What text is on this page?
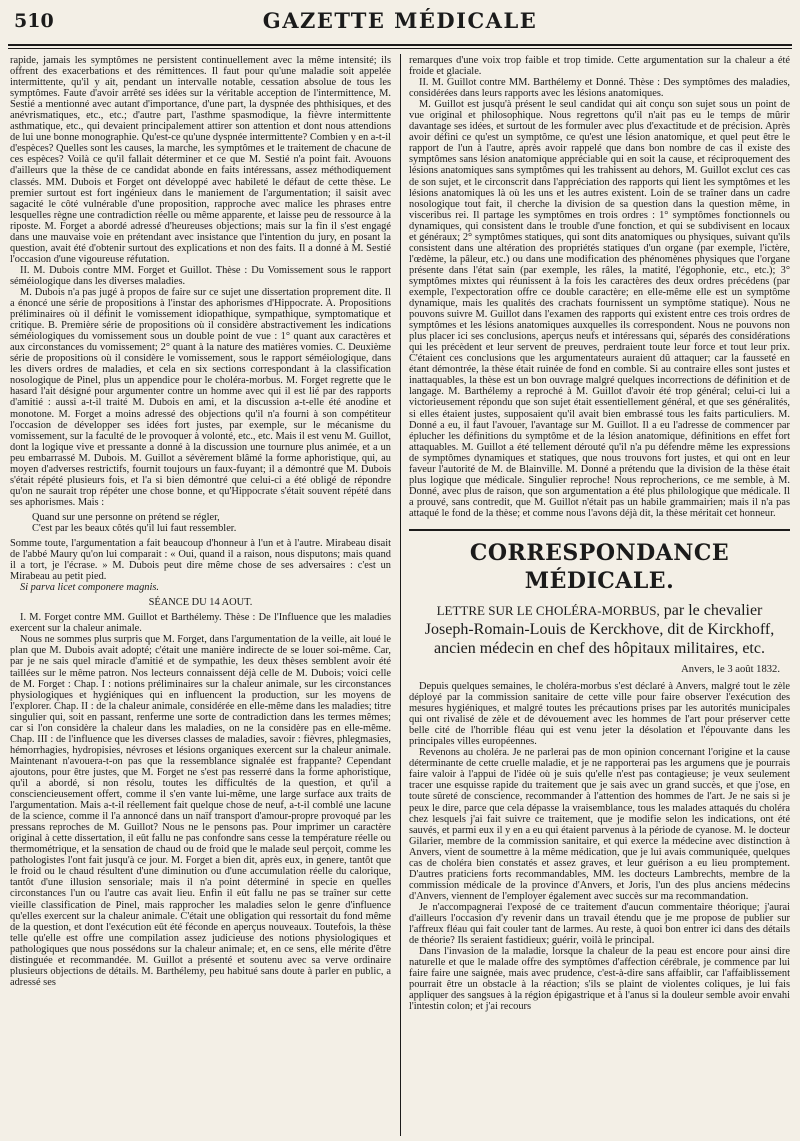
510	GAZETTE MÉDICALE

rapide, jamais les symptômes ne persistent continuellement avec la même intensité; ils offrent des exacerbations et des rémittences. Il faut pour qu'une maladie soit appelée intermittente, qu'il y ait, pendant un intervalle notable, cessation absolue de tous les symptômes. Faute d'avoir arrêté ses idées sur la véritable acception de l'intermittence, M. Sestié a mentionné avec autant d'importance, d'une part, la dyspnée des phthisiques, et des anévrismatiques, etc., etc.; d'autre part, l'asthme spasmodique, la fièvre intermittente asthmatique, etc., qui devaient principalement attirer son attention et dont nous attendions de lui une bonne monographie. Qu'est-ce qu'une dyspnée intermittente? Combien y en a-t-il d'espèces? Quelles sont les causes, la marche, les symptômes et le traitement de chacune de ces espèces? Voilà ce qu'il fallait déterminer et ce que M. Sestié n'a point fait. Avouons d'ailleurs que la thèse de ce candidat abonde en faits intéressans, assez méthodiquement classés. MM. Dubois et Forget ont développé avec habileté le défaut de cette thèse. Le premier surtout est fort ingénieux dans le maniement de l'argumentation; il saisit avec sagacité le côté vulnérable d'une proposition, rapproche avec malice les phrases entre lesquelles règne une contradiction réelle ou même apparente, et laisse peu de ressource à la riposte. M. Forget a abordé adressé d'heureuses objections; mais sur la fin il s'est engagé dans une mauvaise voie en prétendant avec insistance que l'intention du jury, en posant la question, avait été d'obtenir surtout des explications et non des faits. Il a donné à M. Sestié l'occasion d'une vigoureuse réfutation.

II. M. Dubois contre MM. Forget et Guillot. Thèse : Du Vomissement sous le rapport séméiologique dans les diverses maladies.

M. Dubois n'a pas jugé à propos de faire sur ce sujet une dissertation proprement dite. Il a énoncé une série de propositions à l'instar des aphorismes d'Hippocrate. A. Propositions préliminaires où il définit le vomissement idiopathique, sympathique, symptomatique et critique. B. Première série de propositions où il considère abstractivement les indications séméiologiques du vomissement sous un double point de vue : 1° quant aux caractères et aux circonstances du vomissement; 2° quant à la nature des matières vomies. C. Deuxième série de propositions où il considère le vomissement, sous le rapport séméiologique, dans les divers ordres de maladies, et cela en six sections correspondant à la classification nosologique de Pinel, plus un appendice pour le choléra-morbus. M. Forget regrette que le hasard l'ait désigné pour argumenter contre un homme avec qui il est lié par des rapports d'amitié : aussi a-t-il traité M. Dubois en ami, et la discussion a-t-elle été anodine et monotone. M. Forget a moins adressé des objections qu'il n'a fourni à son compétiteur l'occasion de développer ses idées fort justes, par exemple, sur le mécanisme du vomissement, sur la faculté de le provoquer à volonté, etc., etc. Mais il est venu M. Guillot, dont la logique vive et pressante a donné à la discussion une tournure plus animée, et a un peu embarrassé M. Dubois. M. Guillot a sévèrement blâmé la forme aphoristique, qui, au moyen d'adverses restrictifs, fournit toujours un faux-fuyant; il a démontré que M. Dubois s'était répété plusieurs fois, et l'a si bien démontré que celui-ci a été obligé de répondre qu'on ne saurait trop répéter une chose bonne, et qu'Hippocrate s'était souvent répété dans ses aphorismes. Mais :

Quand sur une personne on prétend se régler,

C'est par les beaux côtés qu'il lui faut ressembler.

Somme toute, l'argumentation a fait beaucoup d'honneur à l'un et à l'autre. Mirabeau disait de l'abbé Maury qu'on lui comparait : « Oui, quand il a raison, nous disputons; mais quand il a tort, je l'écrase. » M. Dubois peut dire même chose de ses adversaires : c'est un Mirabeau au petit pied.

Si parva licet componere magnis.

SÉANCE DU 14 AOUT.

I. M. Forget contre MM. Guillot et Barthélemy. Thèse : De l'Influence que les maladies exercent sur la chaleur animale.

Nous ne sommes plus surpris que M. Forget, dans l'argumentation de la veille, ait loué le plan que M. Dubois avait adopté; c'était une manière indirecte de se louer soi-même. Car, par je ne sais quel miracle d'amitié et de sympathie, les deux thèses semblent avoir été taillées sur le même patron. Nos lecteurs connaissent déjà celle de M. Dubois; voici celle de M. Forget : Chap. I : notions préliminaires sur la chaleur animale, sur les circonstances physiologiques et hygiéniques qui en influencent la production, sur les moyens de l'explorer. Chap. II : de la chaleur animale, considérée en elle-même dans les maladies; titre singulier qui, soit en passant, renferme une sorte de contradiction dans les termes mêmes; car si l'on considère la chaleur dans les maladies, on ne la considère pas en elle-même. Chap. III : de l'influence que les diverses classes de maladies, savoir : fièvres, phlegmasies, hémorrhagies, hydropisies, névroses et lésions organiques exercent sur la chaleur animale. Maintenant n'avouera-t-on pas que la ressemblance signalée est frappante? Cependant ajoutons, pour être justes, que M. Forget ne s'est pas resserré dans la forme aphoristique, qu'il a abordé, si non résolu, toutes les difficultés de la question, et qu'il a consciencieusement offert, comme il s'en vante lui-même, une large surface aux traits de l'argumentation. Mais a-t-il réellement fait quelque chose de neuf, a-t-il comblé une lacune de la science, comme il l'a annoncé dans un naïf transport d'amour-propre provoqué par les pressans reproches de M. Guillot? Nous ne le pensons pas. Pour imprimer un caractère original à cette dissertation, il eût fallu ne pas confondre sans cesse la température réelle ou thermométrique, et la sensation de chaud ou de froid que le malade seul perçoit, comme les pathologistes l'ont fait jusqu'à ce jour. M. Forget a bien dit, après eux, in genere, tantôt que le froid ou le chaud résultent d'une diminution ou d'une accumulation réelle du calorique, tantôt d'une illusion sensoriale; mais il n'a point déterminé in specie en quelles circonstances l'un ou l'autre cas avait lieu. Enfin il eût fallu ne pas se traîner sur cette vieille classification de Pinel, mais rapprocher les maladies selon le genre d'influence qu'elles exercent sur la chaleur animale. C'était une obligation qui ressortait du fond même de la question, et dont l'exécution eût été féconde en aperçus nouveaux. Toutefois, la thèse telle qu'elle est offre une compilation assez judicieuse des notions physiologiques et pathologiques que nous possédons sur la chaleur animale; et, en ce sens, elle mérite d'être distinguée et recommandée. M. Guillot a présenté et soutenu avec sa verve ordinaire plusieurs objections de détails. M. Barthélemy, peu habitué sans doute à parler en public, a adressé ses

remarques d'une voix trop faible et trop timide. Cette argumentation sur la chaleur a été froide et glaciale.

II. M. Guillot contre MM. Barthélemy et Donné. Thèse : Des symptômes des maladies, considérées dans leurs rapports avec les lésions anatomiques.

M. Guillot est jusqu'à présent le seul candidat qui ait conçu son sujet sous un point de vue original et philosophique. Nous regrettons qu'il n'ait pas eu le temps de mûrir davantage ses idées, et surtout de les formuler avec plus d'exactitude et de précision. Après avoir défini ce qu'est un symptôme, ce qu'est une lésion anatomique, et quel peut être le rapport de l'un à l'autre, après avoir rappelé que dans bon nombre de cas il existe des symptômes sans lésion anatomique appréciable qui en soit la cause, et réciproquement des lésions anatomiques sans symptômes qui les trahissent au dehors, M. Guillot exclut ces cas de son sujet, et le circonscrit dans l'appréciation des rapports qui lient les symptômes et les lésions anatomiques là où les uns et les autres existent. Loin de se traîner dans un cadre nosologique tout fait, il cherche la division de sa question dans la question même, in visceribus rei. Il partage les symptômes en trois ordres : 1° symptômes fonctionnels ou dynamiques, qui consistent dans le trouble d'une fonction, et qui se subdivisent en locaux et généraux; 2° symptômes statiques, qui sont dits anatomiques ou physiques, suivant qu'ils consistent dans une altération des propriétés statiques d'un organe (par exemple, l'ictère, l'œdème, la pâleur, etc.) ou dans une modification des phénomènes physiques que l'organe présente dans l'état sain (par exemple, les râles, la matité, l'égophonie, etc., etc.); 3° symptômes mixtes qui réunissent à la fois les caractères des deux ordres précédens (par exemple, l'expectoration offre ce double caractère; en elle-même elle est un symptôme dynamique, mais les qualités des crachats fournissent un symptôme statique). Nous ne pouvons suivre M. Guillot dans l'examen des rapports qui existent entre ces trois ordres de symptômes et les lésions anatomiques auxquelles ils correspondent. Nous ne pouvons non plus placer ici ses conclusions, aperçus neufs et intéressans qui, séparés des considérations qui les précèdent et leur servent de preuves, perdraient toute leur force et tout leur prix. C'étaient ces conclusions que les argumentateurs auraient dû attaquer; car la fausseté en étant démontrée, la thèse était ruinée de fond en comble. Si au contraire elles sont justes et inattaquables, la thèse est un bon ouvrage malgré quelques incorrections de définition et de langage. M. Barthélemy a reproché à M. Guillot d'avoir été trop général; celui-ci lui a victorieusement répondu que son sujet était essentiellement général, et que ses généralités, si elles étaient justes, supposaient qu'il avait bien embrassé tous les faits particuliers. M. Donné a eu, il faut l'avouer, l'avantage sur M. Guillot. Il a eu l'adresse de commencer par éplucher les définitions du symptôme et de la lésion anatomique, définitions en effet fort attaquables. M. Guillot a été tellement dérouté qu'il n'a pu défendre même les expressions de symptômes dynamiques et statiques, que nous trouvons fort justes, et qui ont en leur faveur l'autorité de M. de Blainville. M. Donné a prétendu que la division de la thèse était plus logique que médicale. Singulier reproche! Nous reprocherions, ce me semble, à M. Donné, avec plus de raison, que son argumentation a été plus philologique que médicale. Il a prouvé, sans contredit, que M. Guillot n'était pas un habile grammairien; mais il n'a pas attaqué le fond de la thèse; et comme nous l'avons déjà dit, la thèse méritait cet honneur.

CORRESPONDANCE MÉDICALE.
LETTRE SUR LE CHOLÉRA-MORBUS, par le chevalier Joseph-Romain-Louis de Kerckhove, dit de Kirckhoff, ancien médecin en chef des hôpitaux militaires, etc.
Anvers, le 3 août 1832.

Depuis quelques semaines, le choléra-morbus s'est déclaré à Anvers, malgré tout le zèle déployé par la commission sanitaire de cette ville pour faire observer l'exécution des mesures hygiéniques, et malgré toutes les précautions prises par les autorités municipales qui ont rivalisé de zèle et de dévouement avec les hommes de l'art pour préserver cette belle cité de l'horrible fléau qui est venu jeter la désolation et l'épouvante dans les principales villes européennes.

Revenons au choléra. Je ne parlerai pas de mon opinion concernant l'origine et la cause déterminante de cette cruelle maladie, et je ne rapporterai pas les argumens que je pourrais faire valoir à l'appui de l'idée où je suis qu'elle n'est pas contagieuse; je veux seulement tracer une esquisse rapide du traitement que je sais avec un grand succès, et que j'ose, en toute sûreté de conscience, recommander à l'attention des hommes de l'art. Je ne sais si je peux le dire, parce que cela dépasse la vraisemblance, tous les malades attaqués du choléra chez lesquels j'ai fait suivre ce traitement, que je modifie selon les indications, ont été sauvés, et parmi eux il y en a eu qui étaient parvenus à la période de cyanose. M. le docteur Gilarier, membre de la commission sanitaire, et qui exerce la médecine avec distinction à Anvers, vient de soumettre à la même médication, que je lui avais communiquée, quelques cas de choléra bien constatés et assez graves, et leur guérison a eu lieu promptement. D'autres praticiens forts recommandables, MM. les docteurs Lambrechts, membre de la commission médicale de la province d'Anvers, et Joris, l'un des plus anciens médecins d'Anvers, viennent de l'employer également avec succès sur ma recommandation.

Je n'accompagnerai l'exposé de ce traitement d'aucun commentaire théorique; j'aurai d'ailleurs l'occasion d'y revenir dans un travail étendu que je me propose de publier sur l'affreux fléau qui fait couler tant de larmes. Au reste, à quoi bon entrer ici dans des détails de théorie? Ils seraient fastidieux; guérir, voilà le principal.

Dans l'invasion de la maladie, lorsque la chaleur de la peau est encore pour ainsi dire naturelle et que le malade offre des symptômes d'affection cérébrale, je commence par lui faire faire une saignée, mais avec prudence, c'est-à-dire sans affaiblir, car l'affaiblissement pourrait être un obstacle à la réaction; s'ils se plaint de violentes coliques, je lui fais appliquer des sangsues à la région épigastrique et à l'anus si la douleur semble avoir envahi l'intestin colon; et j'ai recours
